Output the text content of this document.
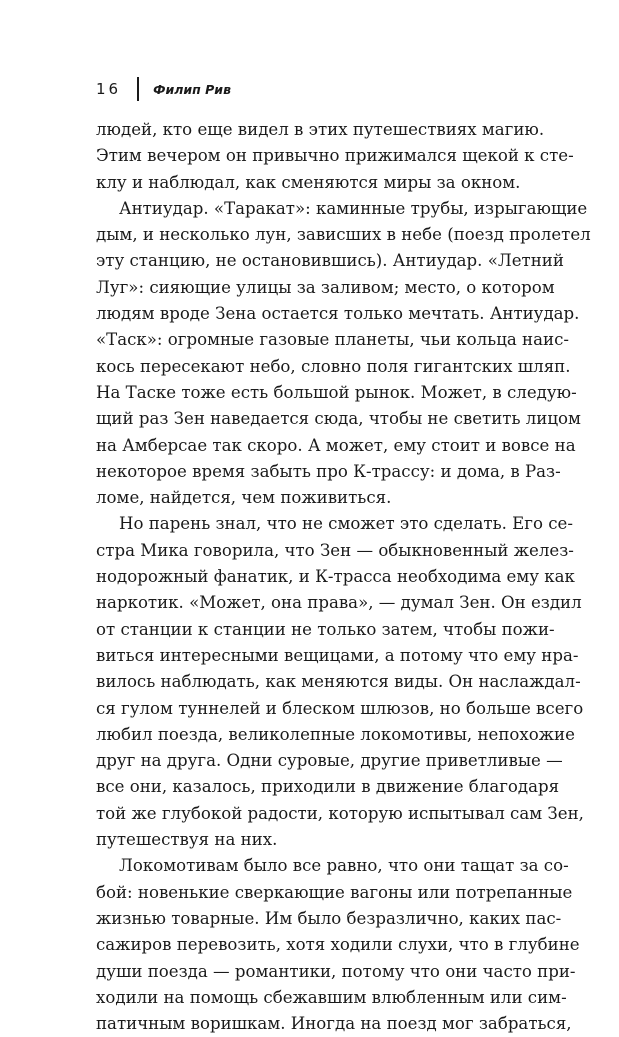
16	Филип Рив
людей, кто еще видел в этих путешествиях магию.
Этим вечером он привычно прижимался щекой к сте-
клу и наблюдал, как сменяются миры за окном.
Антиудар. «Таракат»: каминные трубы, изрыгающие
дым, и несколько лун, зависших в небе (поезд пролетел
эту станцию, не остановившись). Антиудар. «Летний
Луг»: сияющие улицы за заливом; место, о котором
людям вроде Зена остается только мечтать. Антиудар.
«Таск»: огромные газовые планеты, чьи кольца наис-
кось пересекают небо, словно поля гигантских шляп.
На Таске тоже есть большой рынок. Может, в следую-
щий раз Зен наведается сюда, чтобы не светить лицом
на Амберсае так скоро. А может, ему стоит и вовсе на
некоторое время забыть про К-трассу: и дома, в Раз-
ломе, найдется, чем поживиться.
Но парень знал, что не сможет это сделать. Его се-
стра Мика говорила, что Зен — обыкновенный желез-
нодорожный фанатик, и К-трасса необходима ему как
наркотик. «Может, она права», — думал Зен. Он ездил
от станции к станции не только затем, чтобы пожи-
виться интересными вещицами, а потому что ему нра-
вилось наблюдать, как меняются виды. Он наслаждал-
ся гулом туннелей и блеском шлюзов, но больше всего
любил поезда, великолепные локомотивы, непохожие
друг на друга. Одни суровые, другие приветливые —
все они, казалось, приходили в движение благодаря
той же глубокой радости, которую испытывал сам Зен,
путешествуя на них.
Локомотивам было все равно, что они тащат за со-
бой: новенькие сверкающие вагоны или потрепанные
жизнью товарные. Им было безразлично, каких пас-
сажиров перевозить, хотя ходили слухи, что в глубине
души поезда — романтики, потому что они часто при-
ходили на помощь сбежавшим влюбленным или сим-
патичным воришкам. Иногда на поезд мог забраться,
